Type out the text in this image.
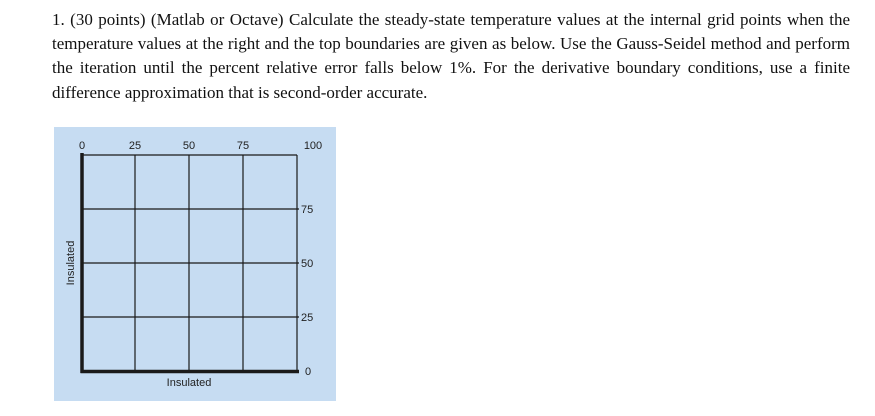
1. (30 points) (Matlab or Octave) Calculate the steady-state temperature values at the internal grid points when the temperature values at the right and the top boundaries are given as below. Use the Gauss-Seidel method and perform the iteration until the percent relative error falls below 1%. For the derivative boundary conditions, use a finite difference approximation that is second-order accurate.

0	25	50	75	100
75
50
25
0
Insulated
Insulated
